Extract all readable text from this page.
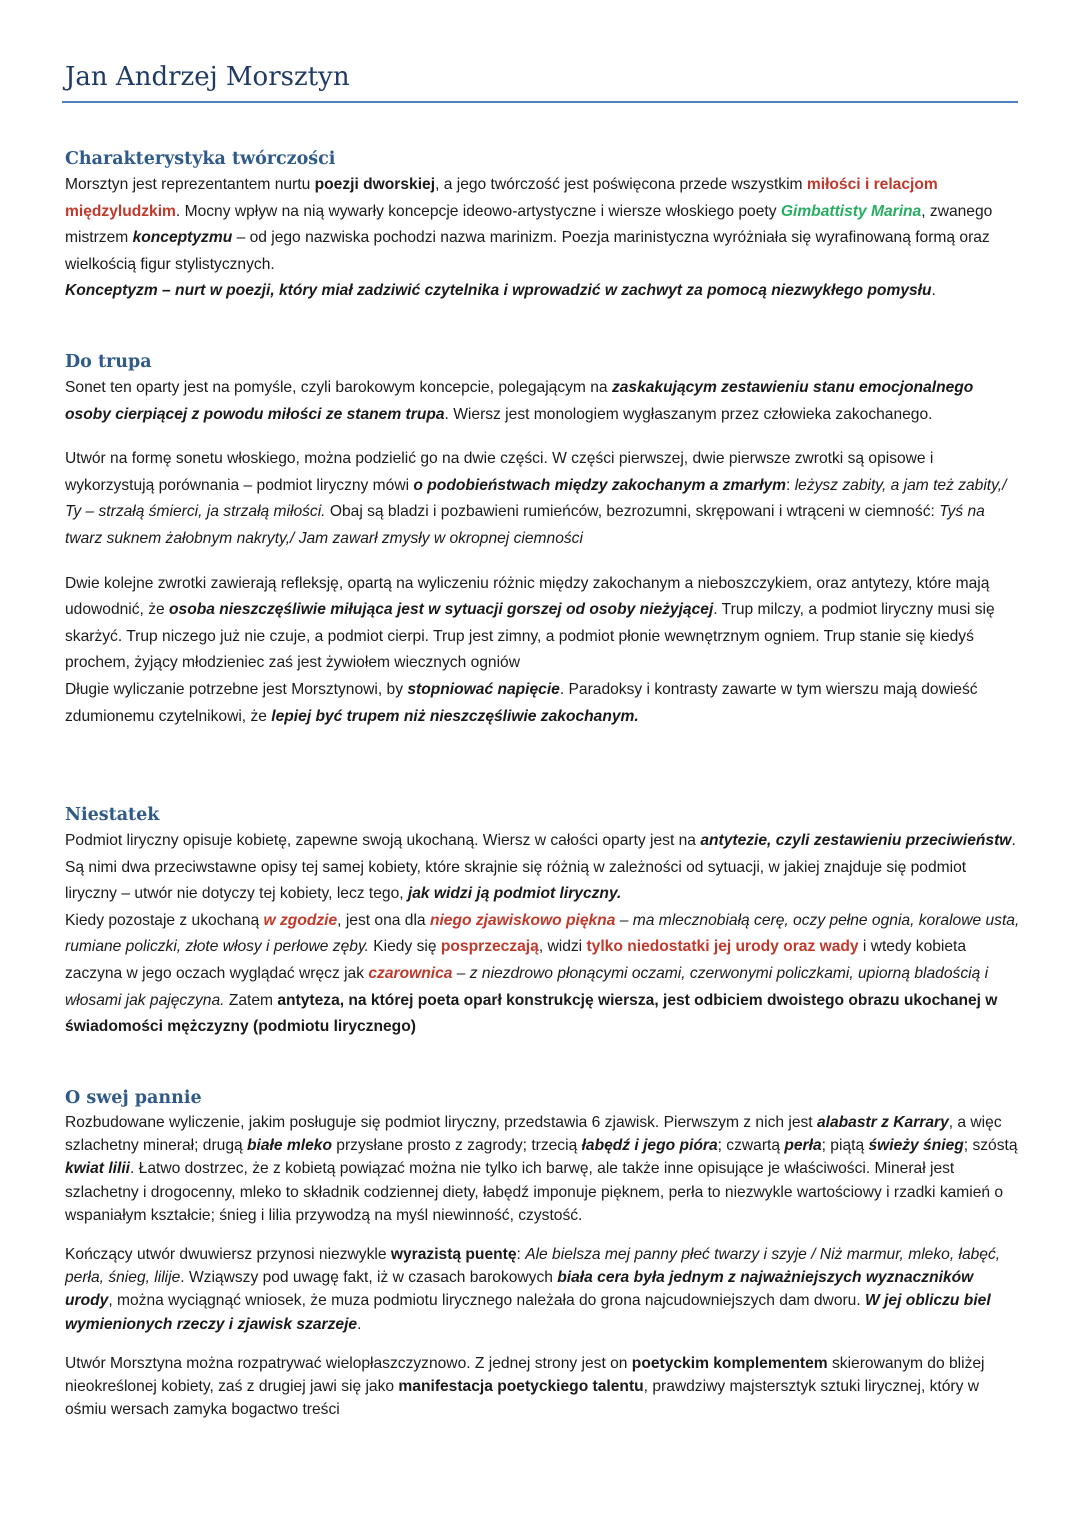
Jan Andrzej Morsztyn
Charakterystyka twórczości

Morsztyn jest reprezentantem nurtu poezji dworskiej, a jego twórczość jest poświęcona przede wszystkim miłości i relacjom międzyludzkim. Mocny wpływ na nią wywarły koncepcje ideowo-artystyczne i wiersze włoskiego poety Gimbattisty Marina, zwanego mistrzem konceptyzmu – od jego nazwiska pochodzi nazwa marinizm. Poezja marinistyczna wyróżniała się wyrafinowaną formą oraz wielkością figur stylistycznych.

Konceptyzm – nurt w poezji, który miał zadziwić czytelnika i wprowadzić w zachwyt za pomocą niezwykłego pomysłu.

Do trupa

Sonet ten oparty jest na pomyśle, czyli barokowym koncepcie, polegającym na zaskakującym zestawieniu stanu emocjonalnego osoby cierpiącej z powodu miłości ze stanem trupa. Wiersz jest monologiem wygłaszanym przez człowieka zakochanego.

Utwór na formę sonetu włoskiego, można podzielić go na dwie części. W części pierwszej, dwie pierwsze zwrotki są opisowe i wykorzystują porównania – podmiot liryczny mówi o podobieństwach między zakochanym a zmarłym: leżysz zabity, a jam też zabity,/ Ty – strzałą śmierci, ja strzałą miłości. Obaj są bladzi i pozbawieni rumieńców, bezrozumni, skrępowani i wtrąceni w ciemność: Tyś na twarz suknem żałobnym nakryty,/ Jam zawarł zmysły w okropnej ciemności

Dwie kolejne zwrotki zawierają refleksję, opartą na wyliczeniu różnic między zakochanym a nieboszczykiem, oraz antytezy, które mają udowodnić, że osoba nieszczęśliwie miłująca jest w sytuacji gorszej od osoby nieżyjącej. Trup milczy, a podmiot liryczny musi się skarżyć. Trup niczego już nie czuje, a podmiot cierpi. Trup jest zimny, a podmiot płonie wewnętrznym ogniem. Trup stanie się kiedyś prochem, żyjący młodzieniec zaś jest żywiołem wiecznych ogniów
Długie wyliczanie potrzebne jest Morsztynowi, by stopniować napięcie. Paradoksy i kontrasty zawarte w tym wierszu mają dowieść zdumionemu czytelnikowi, że lepiej być trupem niż nieszczęśliwie zakochanym.

Niestatek

Podmiot liryczny opisuje kobietę, zapewne swoją ukochaną. Wiersz w całości oparty jest na antytezie, czyli zestawieniu przeciwieństw. Są nimi dwa przeciwstawne opisy tej samej kobiety, które skrajnie się różnią w zależności od sytuacji, w jakiej znajduje się podmiot liryczny – utwór nie dotyczy tej kobiety, lecz tego, jak widzi ją podmiot liryczny.
Kiedy pozostaje z ukochaną w zgodzie, jest ona dla niego zjawiskowo piękna – ma mlecznobiałą cerę, oczy pełne ognia, koralowe usta, rumiane policzki, złote włosy i perłowe zęby. Kiedy się posprzeczają, widzi tylko niedostatki jej urody oraz wady i wtedy kobieta zaczyna w jego oczach wyglądać wręcz jak czarownica – z niezdrowo płonącymi oczami, czerwonymi policzkami, upiorną bladością i włosami jak pajęczyna. Zatem antyteza, na której poeta oparł konstrukcję wiersza, jest odbiciem dwoistego obrazu ukochanej w świadomości mężczyzny (podmiotu lirycznego)

O swej pannie

Rozbudowane wyliczenie, jakim posługuje się podmiot liryczny, przedstawia 6 zjawisk. Pierwszym z nich jest alabastr z Karrary, a więc szlachetny minerał; drugą białe mleko przysłane prosto z zagrody; trzecią łabędź i jego pióra; czwartą perła; piątą świeży śnieg; szóstą kwiat lilii. Łatwo dostrzec, że z kobietą powiązać można nie tylko ich barwę, ale także inne opisujące je właściwości. Minerał jest szlachetny i drogocenny, mleko to składnik codziennej diety, łabędź imponuje pięknem, perła to niezwykle wartościowy i rzadki kamień o wspaniałym kształcie; śnieg i lilia przywodzą na myśl niewinność, czystość.

Kończący utwór dwuwiersz przynosi niezwykle wyrazistą puentę: Ale bielsza mej panny płeć twarzy i szyje / Niż marmur, mleko, łabęć, perła, śnieg, lilije. Wziąwszy pod uwagę fakt, iż w czasach barokowych biała cera była jednym z najważniejszych wyznaczników urody, można wyciągnąć wniosek, że muza podmiotu lirycznego należała do grona najcudowniejszych dam dworu. W jej obliczu biel wymienionych rzeczy i zjawisk szarzeje.

Utwór Morsztyna można rozpatrywać wielopłaszczyznowo. Z jednej strony jest on poetyckim komplementem skierowanym do bliżej nieokreślonej kobiety, zaś z drugiej jawi się jako manifestacja poetyckiego talentu, prawdziwy majstersztyk sztuki lirycznej, który w ośmiu wersach zamyka bogactwo treści
